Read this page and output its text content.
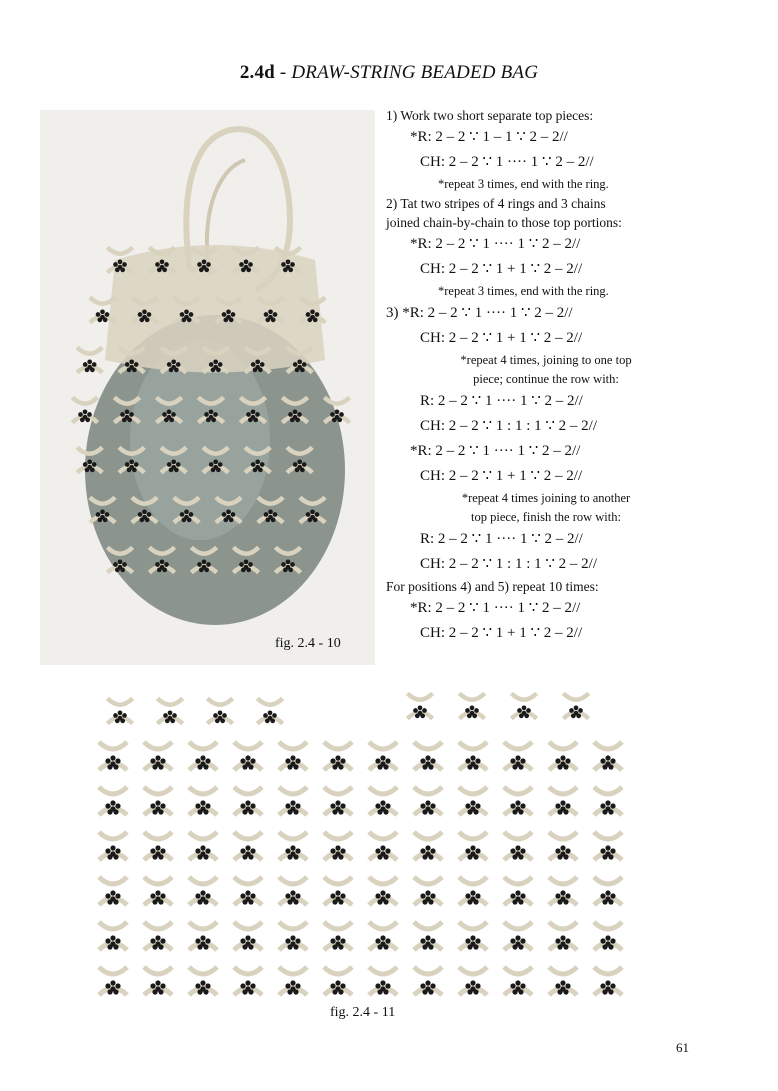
2.4d - DRAW-STRING BEADED BAG
fig. 2.4 - 10
1) Work two short separate top pieces:
*R: 2 – 2 ∵ 1 – 1 ∵ 2 – 2//
CH: 2 – 2 ∵ 1 ···· 1 ∵ 2 – 2//
*repeat 3 times, end with the ring.
2) Tat two stripes of 4 rings and 3 chains
joined chain-by-chain to those top portions:
*R: 2 – 2 ∵ 1 ···· 1 ∵ 2 – 2//
CH: 2 – 2 ∵ 1 + 1 ∵ 2 – 2//
*repeat 3 times, end with the ring.
3) *R: 2 – 2 ∵ 1 ···· 1 ∵ 2 – 2//
CH: 2 – 2 ∵ 1 + 1 ∵ 2 – 2//
*repeat 4 times, joining to one top
piece; continue the row with:
R: 2 – 2 ∵ 1 ···· 1 ∵ 2 – 2//
CH: 2 – 2 ∵ 1 : 1 : 1 ∵ 2 – 2//
*R: 2 – 2 ∵ 1 ···· 1 ∵ 2 – 2//
CH: 2 – 2 ∵ 1 + 1 ∵ 2 – 2//
*repeat 4 times joining to another
top piece, finish the row with:
R: 2 – 2 ∵ 1 ···· 1 ∵ 2 – 2//
CH: 2 – 2 ∵ 1 : 1 : 1 ∵ 2 – 2//
For positions 4) and 5) repeat 10 times:
*R: 2 – 2 ∵ 1 ···· 1 ∵ 2 – 2//
CH: 2 – 2 ∵ 1 + 1 ∵ 2 – 2//
fig. 2.4 - 11
61
